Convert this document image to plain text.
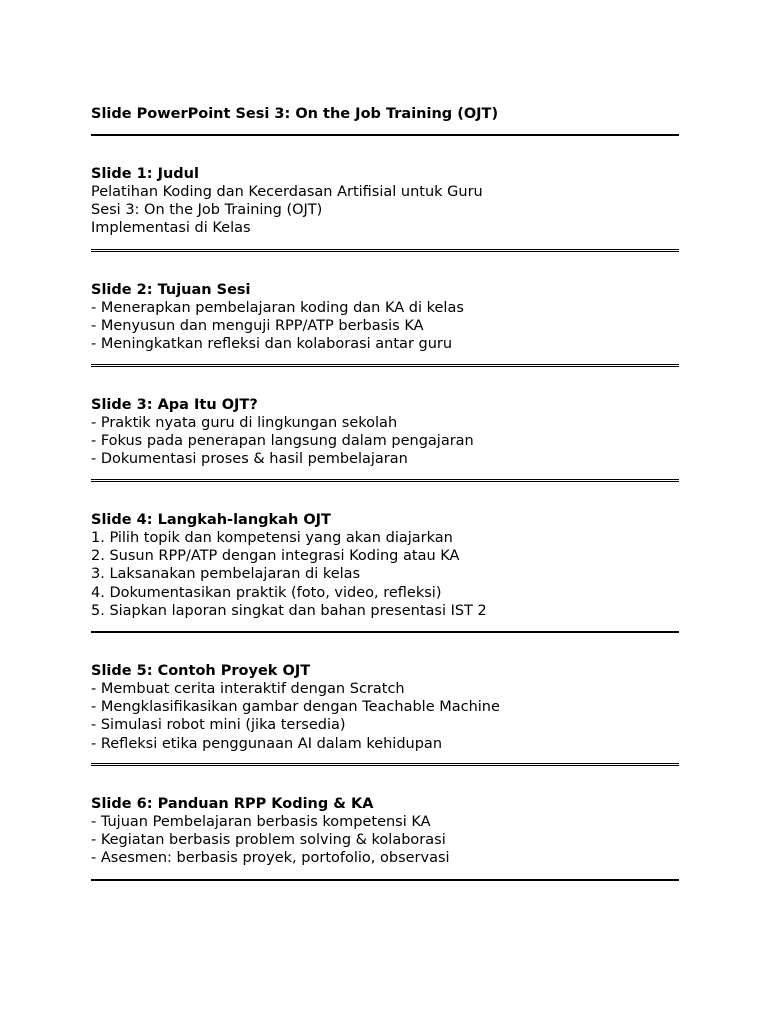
Slide PowerPoint Sesi 3: On the Job Training (OJT)

Slide 1: Judul

Pelatihan Koding dan Kecerdasan Artifisial untuk Guru

Sesi 3: On the Job Training (OJT)

Implementasi di Kelas

Slide 2: Tujuan Sesi

- Menerapkan pembelajaran koding dan KA di kelas

- Menyusun dan menguji RPP/ATP berbasis KA

- Meningkatkan refleksi dan kolaborasi antar guru

Slide 3: Apa Itu OJT?

- Praktik nyata guru di lingkungan sekolah

- Fokus pada penerapan langsung dalam pengajaran

- Dokumentasi proses & hasil pembelajaran

Slide 4: Langkah-langkah OJT

1. Pilih topik dan kompetensi yang akan diajarkan

2. Susun RPP/ATP dengan integrasi Koding atau KA

3. Laksanakan pembelajaran di kelas

4. Dokumentasikan praktik (foto, video, refleksi)

5. Siapkan laporan singkat dan bahan presentasi IST 2

Slide 5: Contoh Proyek OJT

- Membuat cerita interaktif dengan Scratch

- Mengklasifikasikan gambar dengan Teachable Machine

- Simulasi robot mini (jika tersedia)

- Refleksi etika penggunaan AI dalam kehidupan

Slide 6: Panduan RPP Koding & KA

- Tujuan Pembelajaran berbasis kompetensi KA

- Kegiatan berbasis problem solving & kolaborasi

- Asesmen: berbasis proyek, portofolio, observasi
